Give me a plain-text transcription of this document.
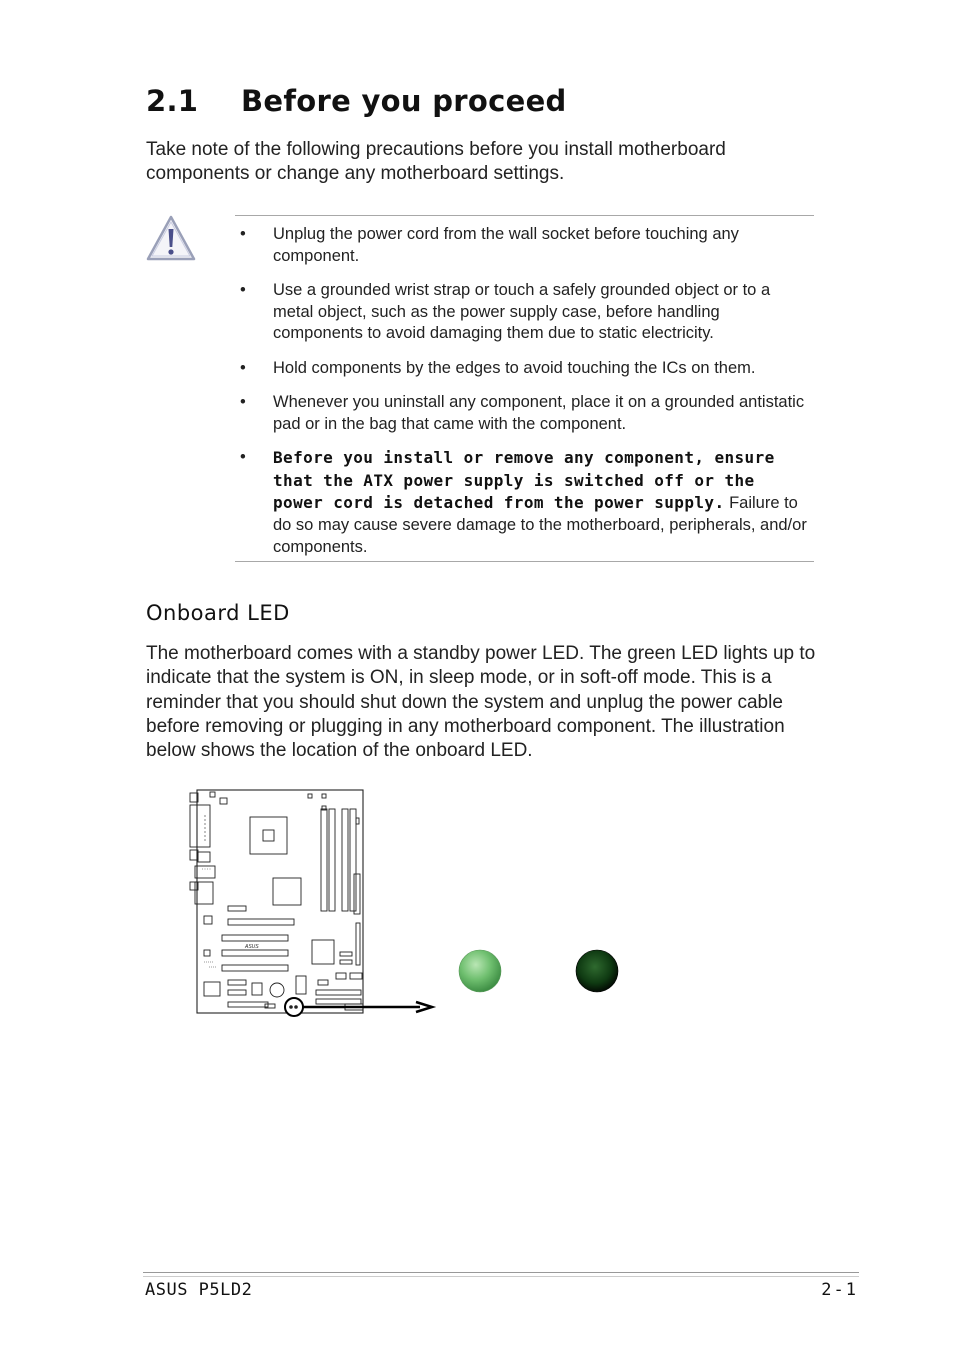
2.1 Before you proceed

Take note of the following precautions before you install motherboard components or change any motherboard settings.

• Unplug the power cord from the wall socket before touching any component.
• Use a grounded wrist strap or touch a safely grounded object or to a metal object, such as the power supply case, before handling components to avoid damaging them due to static electricity.
• Hold components by the edges to avoid touching the ICs on them.
• Whenever you uninstall any component, place it on a grounded antistatic pad or in the bag that came with the component.
• Before you install or remove any component, ensure that the ATX power supply is switched off or the power cord is detached from the power supply. Failure to do so may cause severe damage to the motherboard, peripherals, and/or components.
Onboard LED

The motherboard comes with a standby power LED. The green LED lights up to indicate that the system is ON, in sleep mode, or in soft-off mode. This is a reminder that you should shut down the system and unplug the power cable before removing or plugging in any motherboard component. The illustration below shows the location of the onboard LED.

ASUS
ASUS P5LD2	2-1
